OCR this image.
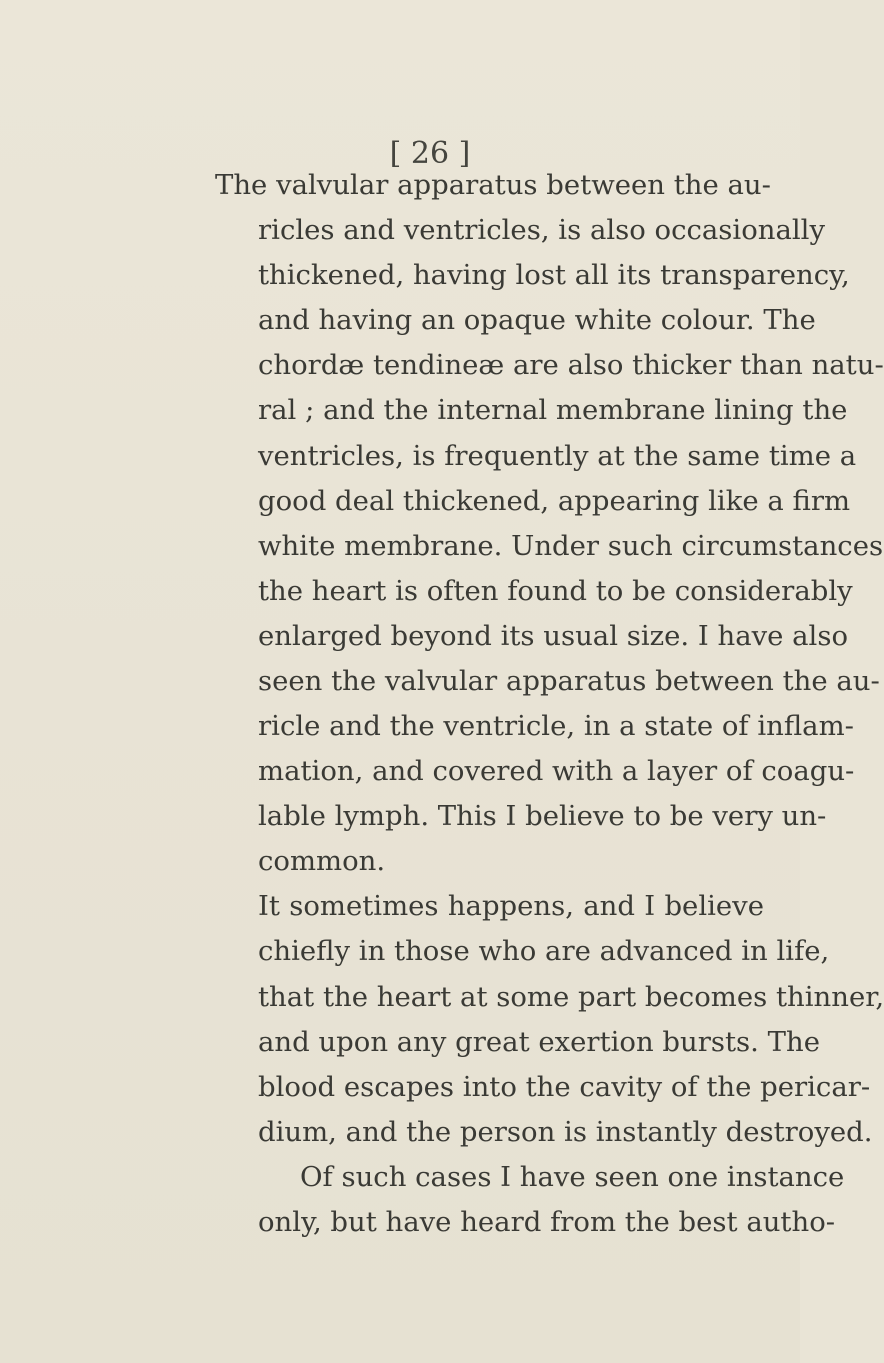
[ 26 ]
The valvular apparatus between the au-
ricles and ventricles, is also occasionally
thickened, having lost all its transparency,
and having an opaque white colour. The
chordæ tendineæ are also thicker than natu-
ral ; and the internal membrane lining the
ventricles, is frequently at the same time a
good deal thickened, appearing like a firm
white membrane. Under such circumstances
the heart is often found to be considerably
enlarged beyond its usual size. I have also
seen the valvular apparatus between the au-
ricle and the ventricle, in a state of inflam-
mation, and covered with a layer of coagu-
lable lymph. This I believe to be very un-
common.
It sometimes happens, and I believe
chiefly in those who are advanced in life,
that the heart at some part becomes thinner,
and upon any great exertion bursts. The
blood escapes into the cavity of the pericar-
dium, and the person is instantly destroyed.
Of such cases I have seen one instance
only, but have heard from the best autho-
